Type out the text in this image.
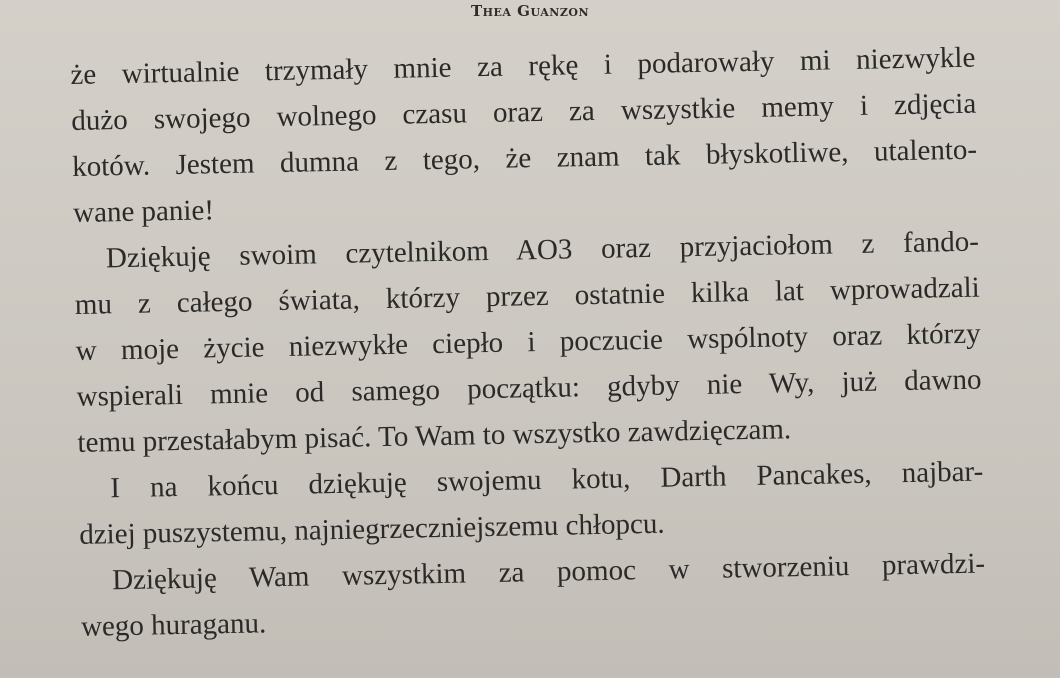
Thea Guanzon
że wirtualnie trzymały mnie za rękę i podarowały mi niezwykle
dużo swojego wolnego czasu oraz za wszystkie memy i zdjęcia
kotów. Jestem dumna z tego, że znam tak błyskotliwe, utalento-
wane panie!
Dziękuję swoim czytelnikom AO3 oraz przyjaciołom z fando-
mu z całego świata, którzy przez ostatnie kilka lat wprowadzali
w moje życie niezwykłe ciepło i poczucie wspólnoty oraz którzy
wspierali mnie od samego początku: gdyby nie Wy, już dawno
temu przestałabym pisać. To Wam to wszystko zawdzięczam.
I na końcu dziękuję swojemu kotu, Darth Pancakes, najbar-
dziej puszystemu, najniegrzeczniejszemu chłopcu.
Dziękuję Wam wszystkim za pomoc w stworzeniu prawdzi-
wego huraganu.
